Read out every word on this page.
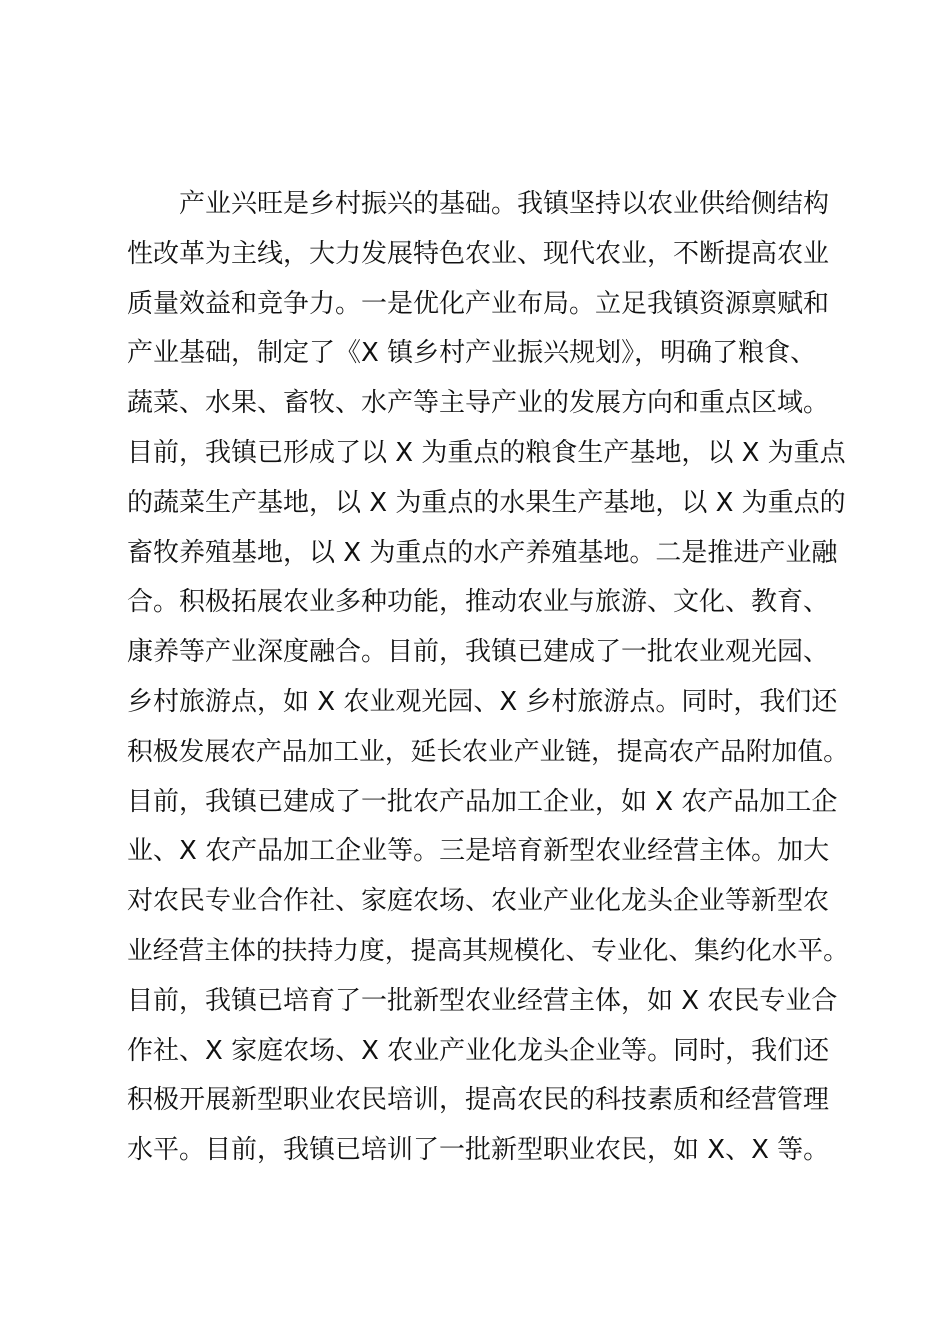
产业兴旺是乡村振兴的基础。我镇坚持以农业供给侧结构
性改革为主线，大力发展特色农业、现代农业，不断提高农业
质量效益和竞争力。一是优化产业布局。立足我镇资源禀赋和
产业基础，制定了《X 镇乡村产业振兴规划》，明确了粮食、
蔬菜、水果、畜牧、水产等主导产业的发展方向和重点区域。
目前，我镇已形成了以 X 为重点的粮食生产基地，以 X 为重点
的蔬菜生产基地，以 X 为重点的水果生产基地，以 X 为重点的
畜牧养殖基地，以 X 为重点的水产养殖基地。二是推进产业融
合。积极拓展农业多种功能，推动农业与旅游、文化、教育、
康养等产业深度融合。目前，我镇已建成了一批农业观光园、
乡村旅游点，如 X 农业观光园、X 乡村旅游点。同时，我们还
积极发展农产品加工业，延长农业产业链，提高农产品附加值。
目前，我镇已建成了一批农产品加工企业，如 X 农产品加工企
业、X 农产品加工企业等。三是培育新型农业经营主体。加大
对农民专业合作社、家庭农场、农业产业化龙头企业等新型农
业经营主体的扶持力度，提高其规模化、专业化、集约化水平。
目前，我镇已培育了一批新型农业经营主体，如 X 农民专业合
作社、X 家庭农场、X 农业产业化龙头企业等。同时，我们还
积极开展新型职业农民培训，提高农民的科技素质和经营管理
水平。目前，我镇已培训了一批新型职业农民，如 X、X 等。
